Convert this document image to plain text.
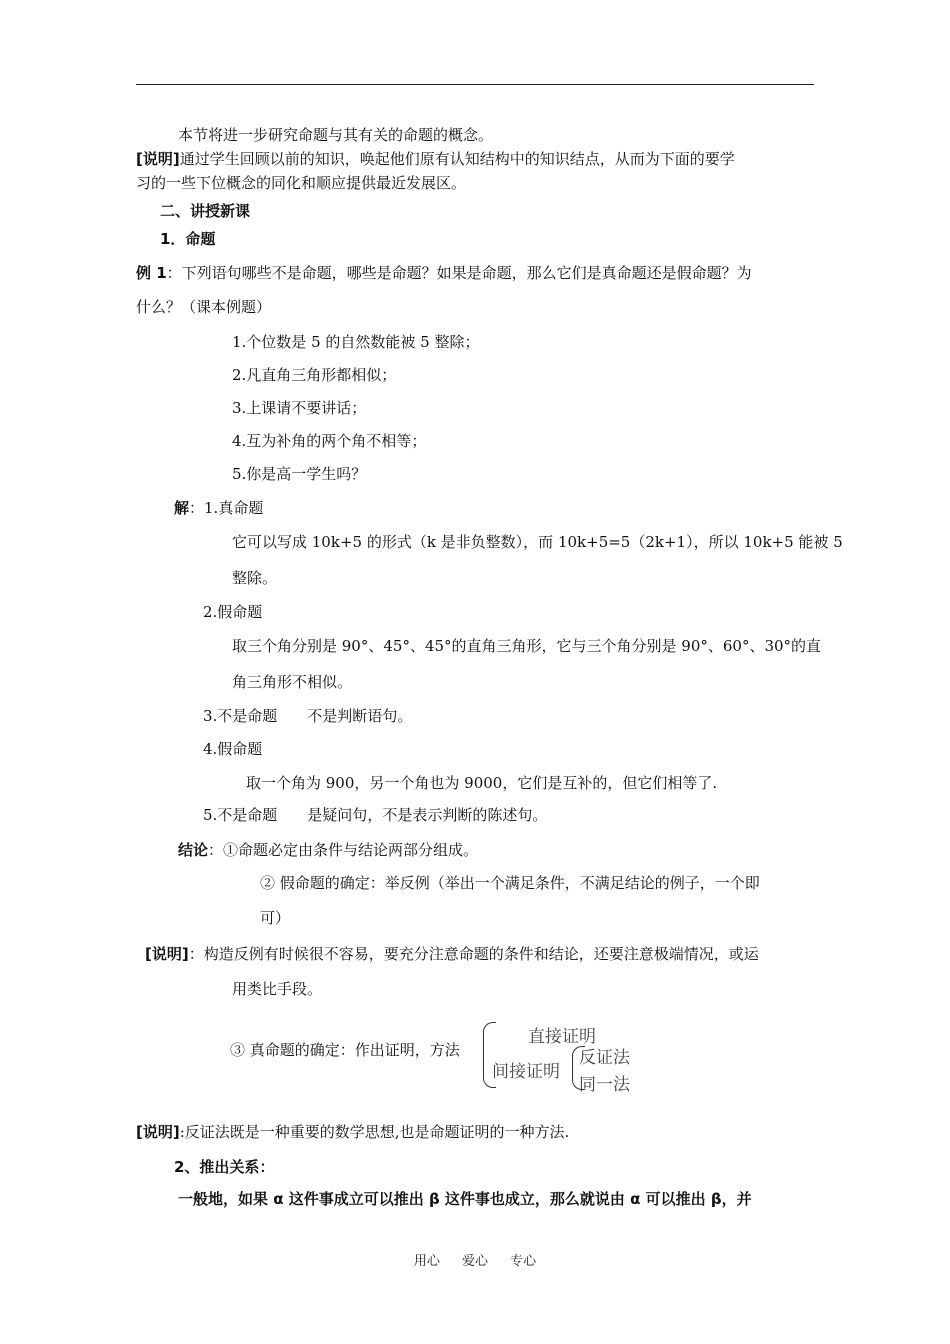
本节将进一步研究命题与其有关的命题的概念。
[说明]通过学生回顾以前的知识，唤起他们原有认知结构中的知识结点，从而为下面的要学
习的一些下位概念的同化和顺应提供最近发展区。
二、讲授新课
1．命题
例 1：下列语句哪些不是命题，哪些是命题？如果是命题，那么它们是真命题还是假命题？为
什么？（课本例题）
1.个位数是 5 的自然数能被 5 整除；
2.凡直角三角形都相似；
3.上课请不要讲话；
4.互为补角的两个角不相等；
5.你是高一学生吗？
解：1.真命题
它可以写成 10k+5 的形式（k 是非负整数），而 10k+5=5（2k+1），所以 10k+5 能被 5
整除。
2.假命题
取三个角分别是 90°、45°、45°的直角三角形，它与三个角分别是 90°、60°、30°的直
角三角形不相似。
3.不是命题　　不是判断语句。
4.假命题
取一个角为 900，另一个角也为 9000，它们是互补的，但它们相等了.
5.不是命题　　是疑问句，不是表示判断的陈述句。
结论：①命题必定由条件与结论两部分组成。
② 假命题的确定：举反例（举出一个满足条件，不满足结论的例子，一个即
可）
[说明]：构造反例有时候很不容易，要充分注意命题的条件和结论，还要注意极端情况，或运
用类比手段。
③ 真命题的确定：作出证明，方法
直接证明
间接证明
反证法
同一法
[说明]:反证法既是一种重要的数学思想,也是命题证明的一种方法.
2、推出关系：
一般地，如果 α 这件事成立可以推出 β 这件事也成立，那么就说由 α 可以推出 β，并
用心 爱心 专心
